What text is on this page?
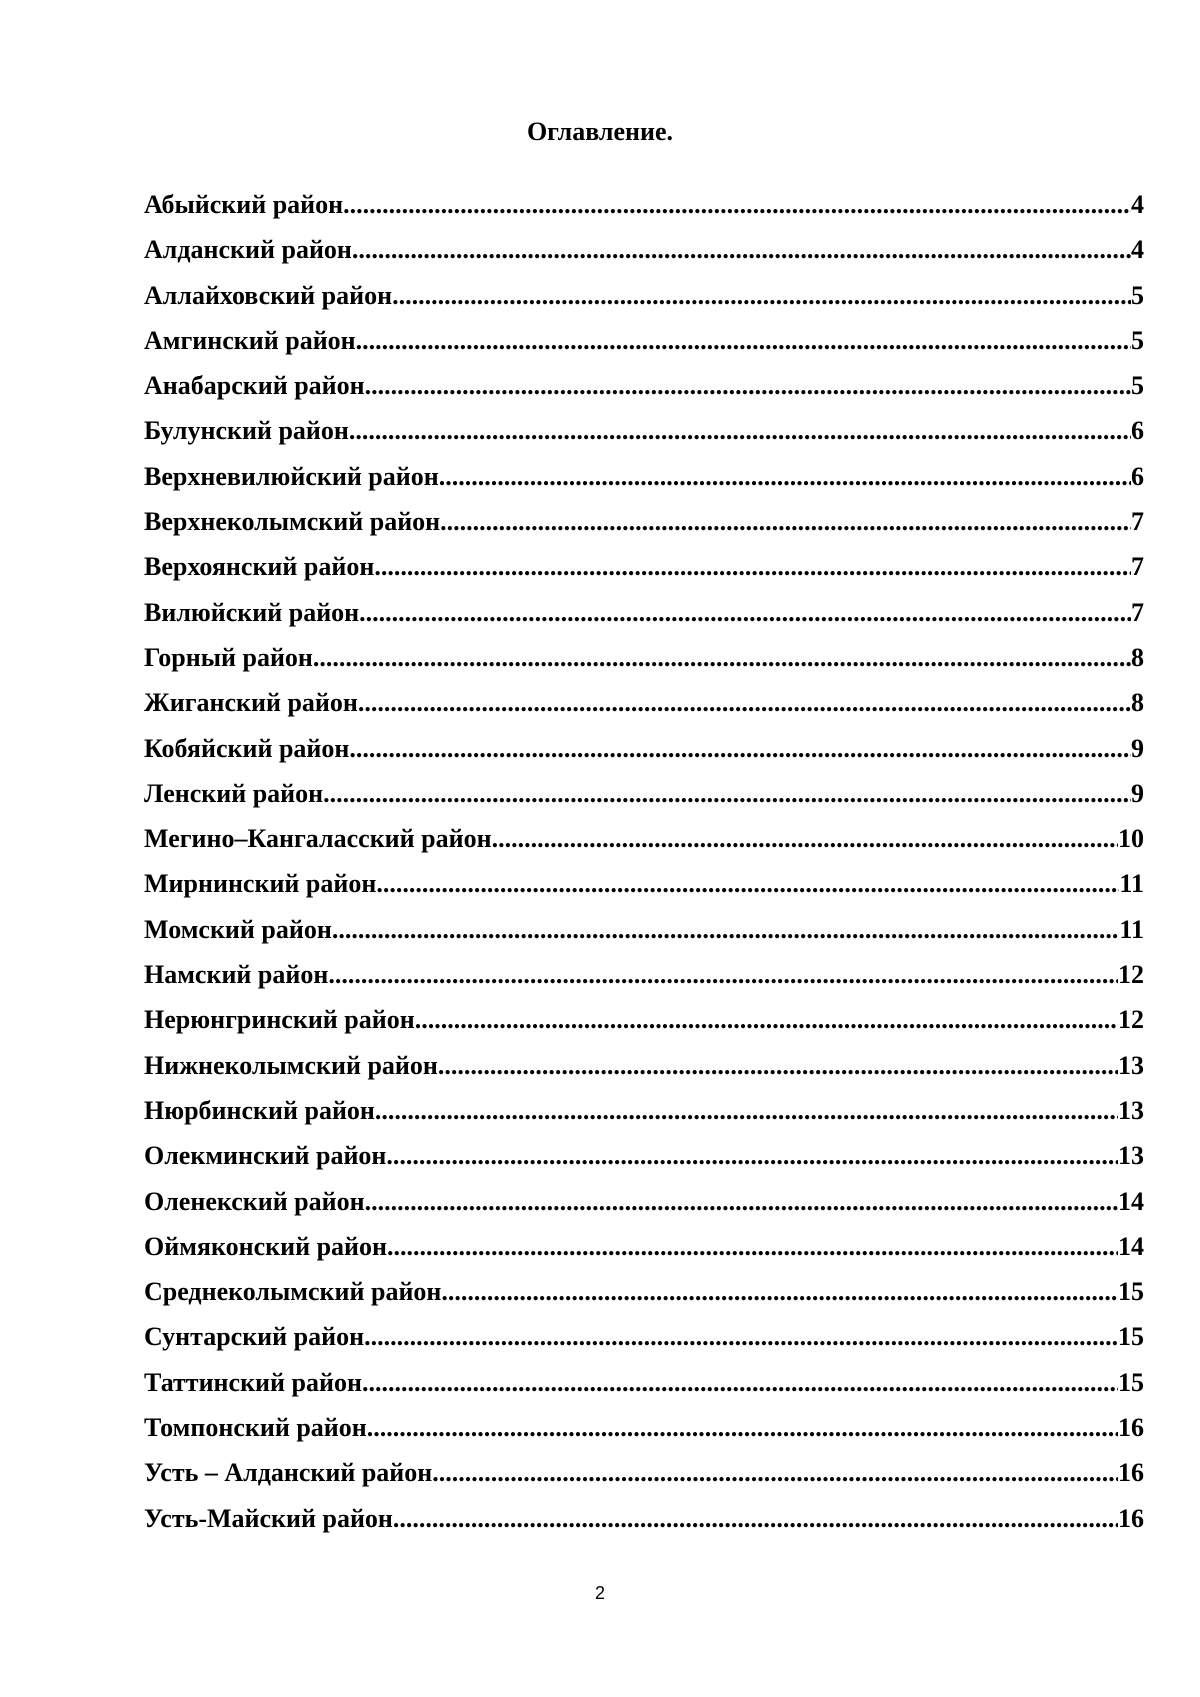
Оглавление.
Абыйский район .....	4
Алданский район .....	4
Аллайховский район .....	5
Амгинский район .....	5
Анабарский район .....	5
Булунский район .....	6
Верхневилюйский район .....	6
Верхнеколымский район .....	7
Верхоянский район .....	7
Вилюйский район .....	7
Горный район .....	8
Жиганский район .....	8
Кобяйский район .....	9
Ленский район .....	9
Мегино–Кангаласский район .....	10
Мирнинский район .....	11
Момский район .....	11
Намский район .....	12
Нерюнгринский район .....	12
Нижнеколымский район .....	13
Нюрбинский район .....	13
Олекминский район .....	13
Оленекский район .....	14
Оймяконский район .....	14
Среднеколымский район .....	15
Сунтарский район .....	15
Таттинский район .....	15
Томпонский район .....	16
Усть – Алданский район .....	16
Усть-Майский район .....	16

2
